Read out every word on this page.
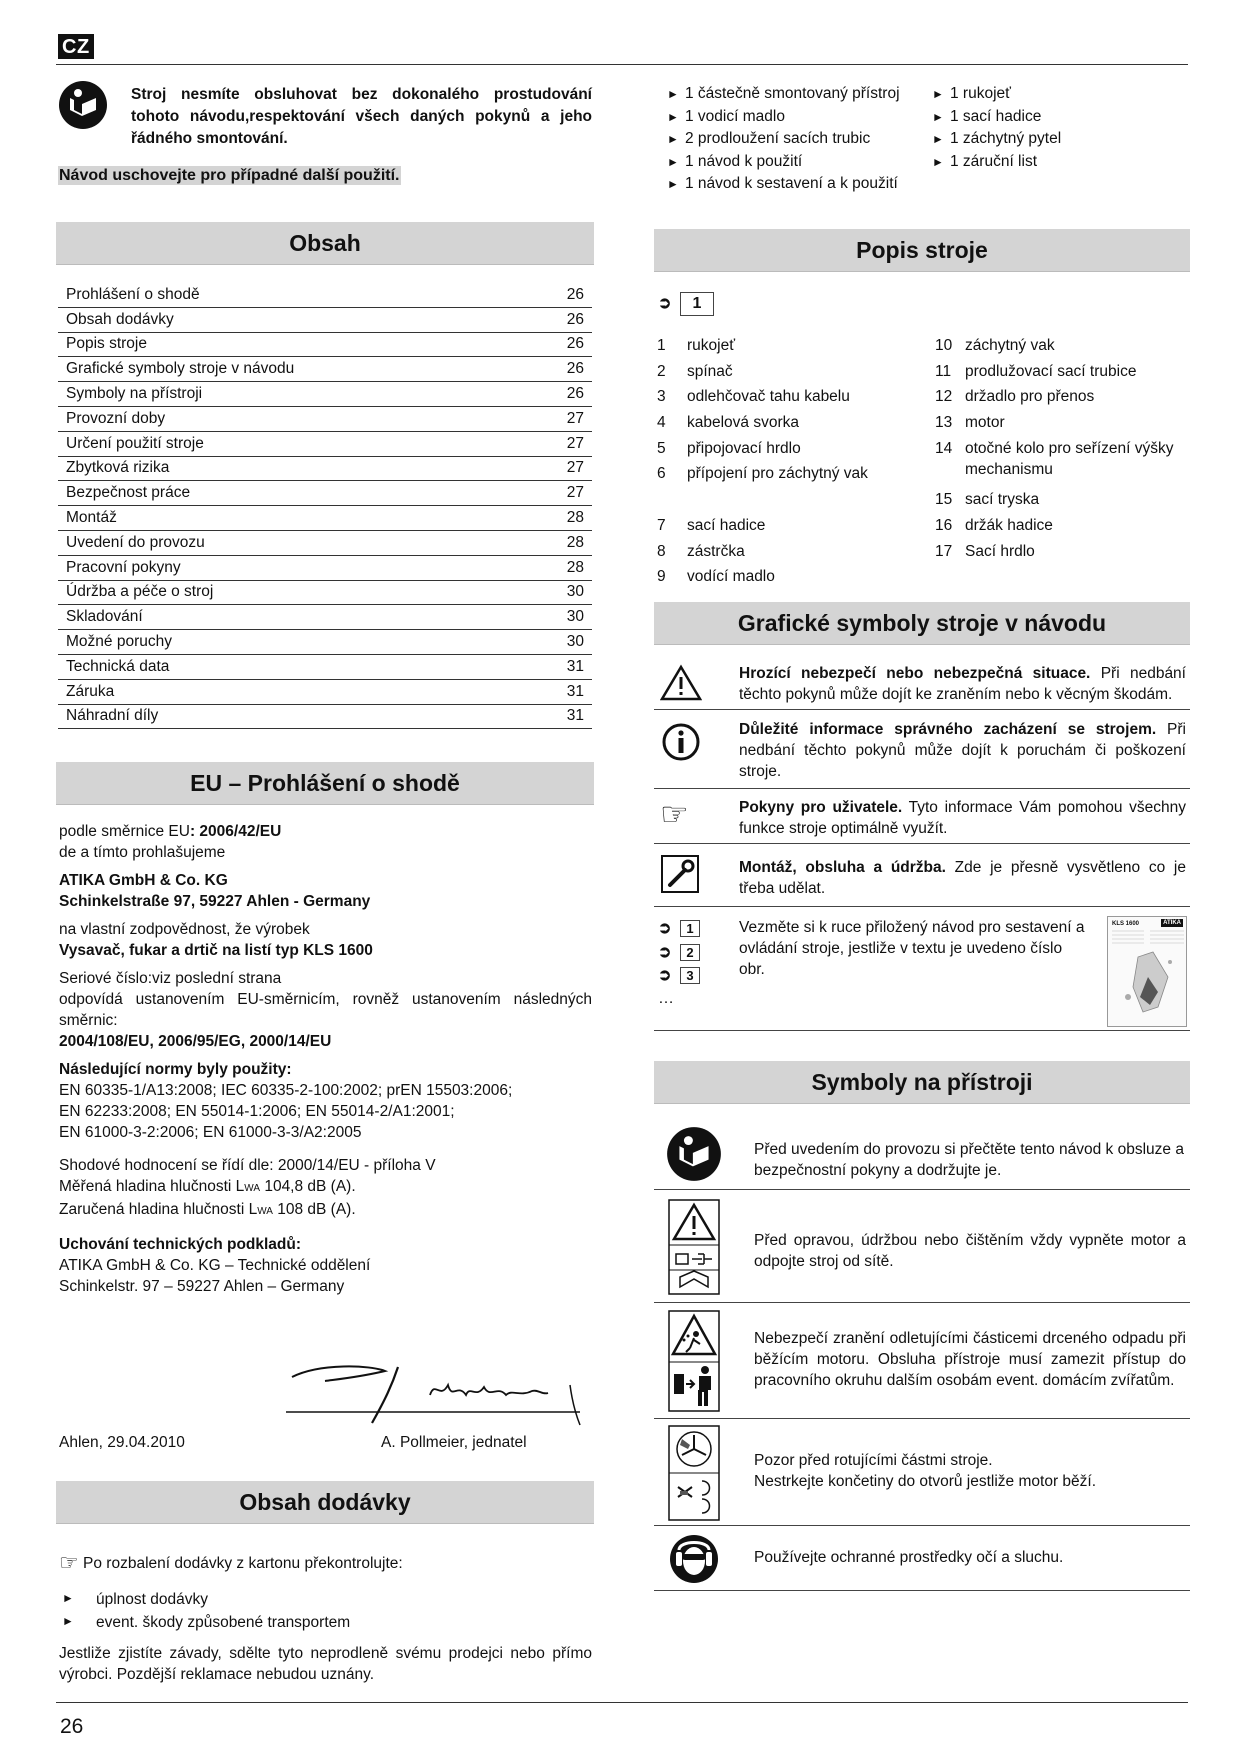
CZ
26
Stroj nesmíte obsluhovat bez dokonalého prostudování tohoto návodu,respektování všech daných pokynů a jeho řádného smontování.
Návod uschovejte pro případné další použití.
Obsah
Prohlášení o shodě	26
Obsah dodávky	26
Popis stroje	26
Grafické symboly stroje v návodu	26
Symboly na přístroji	26
Provozní doby	27
Určení použití stroje	27
Zbytková rizika	27
Bezpečnost práce	27
Montáž	28
Uvedení do provozu	28
Pracovní pokyny	28
Údržba a péče o stroj	30
Skladování	30
Možné poruchy	30
Technická data	31
Záruka	31
Náhradní díly	31
EU – Prohlášení o shodě
podle směrnice EU: 2006/42/EU
de a tímto prohlašujeme
ATIKA GmbH & Co. KG
Schinkelstraße 97, 59227 Ahlen - Germany
na vlastní zodpovědnost, že výrobek
Vysavač, fukar a drtič na listí typ KLS 1600
Seriové číslo:viz poslední strana
odpovídá ustanovením EU-směrnicím, rovněž ustanovením následných směrnic:
2004/108/EU, 2006/95/EG, 2000/14/EU
Následující normy byly použity:
EN 60335-1/A13:2008; IEC 60335-2-100:2002; prEN 15503:2006;
EN 62233:2008; EN 55014-1:2006; EN 55014-2/A1:2001;
EN 61000-3-2:2006; EN 61000-3-3/A2:2005
Shodové hodnocení se řídí dle: 2000/14/EU - příloha V
Měřená hladina hlučnosti LWA 104,8 dB (A).
Zaručená hladina hlučnosti LWA 108 dB (A).
Uchování technických podkladů:
ATIKA GmbH & Co. KG – Technické oddělení
Schinkelstr. 97 – 59227 Ahlen – Germany
Ahlen, 29.04.2010	A. Pollmeier, jednatel
Obsah dodávky
☞ Po rozbalení dodávky z kartonu překontrolujte:
►	úplnost dodávky
►	event. škody způsobené transportem
Jestliže zjistíte závady, sdělte tyto neprodleně svému prodejci nebo přímo výrobci. Pozdější reklamace nebudou uznány.
► 1 částečně smontovaný přístroj
► 1 vodicí madlo
► 2 prodloužení sacích trubic
► 1 návod k použití
► 1 návod k sestavení a k použití
► 1 rukojeť
► 1 sací hadice
► 1 záchytný pytel
► 1 záruční list
Popis stroje
➲ 1
1	rukojeť
2	spínač
3	odlehčovač tahu kabelu
4	kabelová svorka
5	připojovací hrdlo
6	přípojení pro záchytný vak
7	sací hadice
8	zástrčka
9	vodící madlo
10 záchytný vak
11 prodlužovací sací trubice
12 držadlo pro přenos
13 motor
14 otočné kolo pro seřízení výšky mechanismu
15 sací tryska
16 držák hadice
17 Sací hrdlo
Grafické symboly stroje v návodu
Hrozící nebezpečí nebo nebezpečná situace. Při nedbání těchto pokynů může dojít ke zraněním nebo k věcným škodám.
Důležité informace správného zacházení se strojem. Při nedbání těchto pokynů může dojít k poruchám či poškození stroje.
☞	Pokyny pro uživatele. Tyto informace Vám pomohou všechny funkce stroje optimálně využít.
Montáž, obsluha a údržba. Zde je přesně vysvětleno co je třeba udělat.
➲ 1
➲ 2
➲ 3
…
Vezměte si k ruce přiložený návod pro sestavení a ovládání stroje, jestliže v textu je uvedeno číslo obr.
KLS 1600	ATIKA
Symboly na přístroji
Před uvedením do provozu si přečtěte tento návod k obsluze a bezpečnostní pokyny a dodržujte je.
Před opravou, údržbou nebo čištěním vždy vypněte motor a odpojte stroj od sítě.
Nebezpečí zranění odletujícími částicemi drceného odpadu při běžícím motoru. Obsluha přístroje musí zamezit přístup do pracovního okruhu dalším osobám event. domácím zvířatům.
Pozor před rotujícími částmi stroje.
Nestrkejte končetiny do otvorů jestliže motor běží.
Používejte ochranné prostředky očí a sluchu.
